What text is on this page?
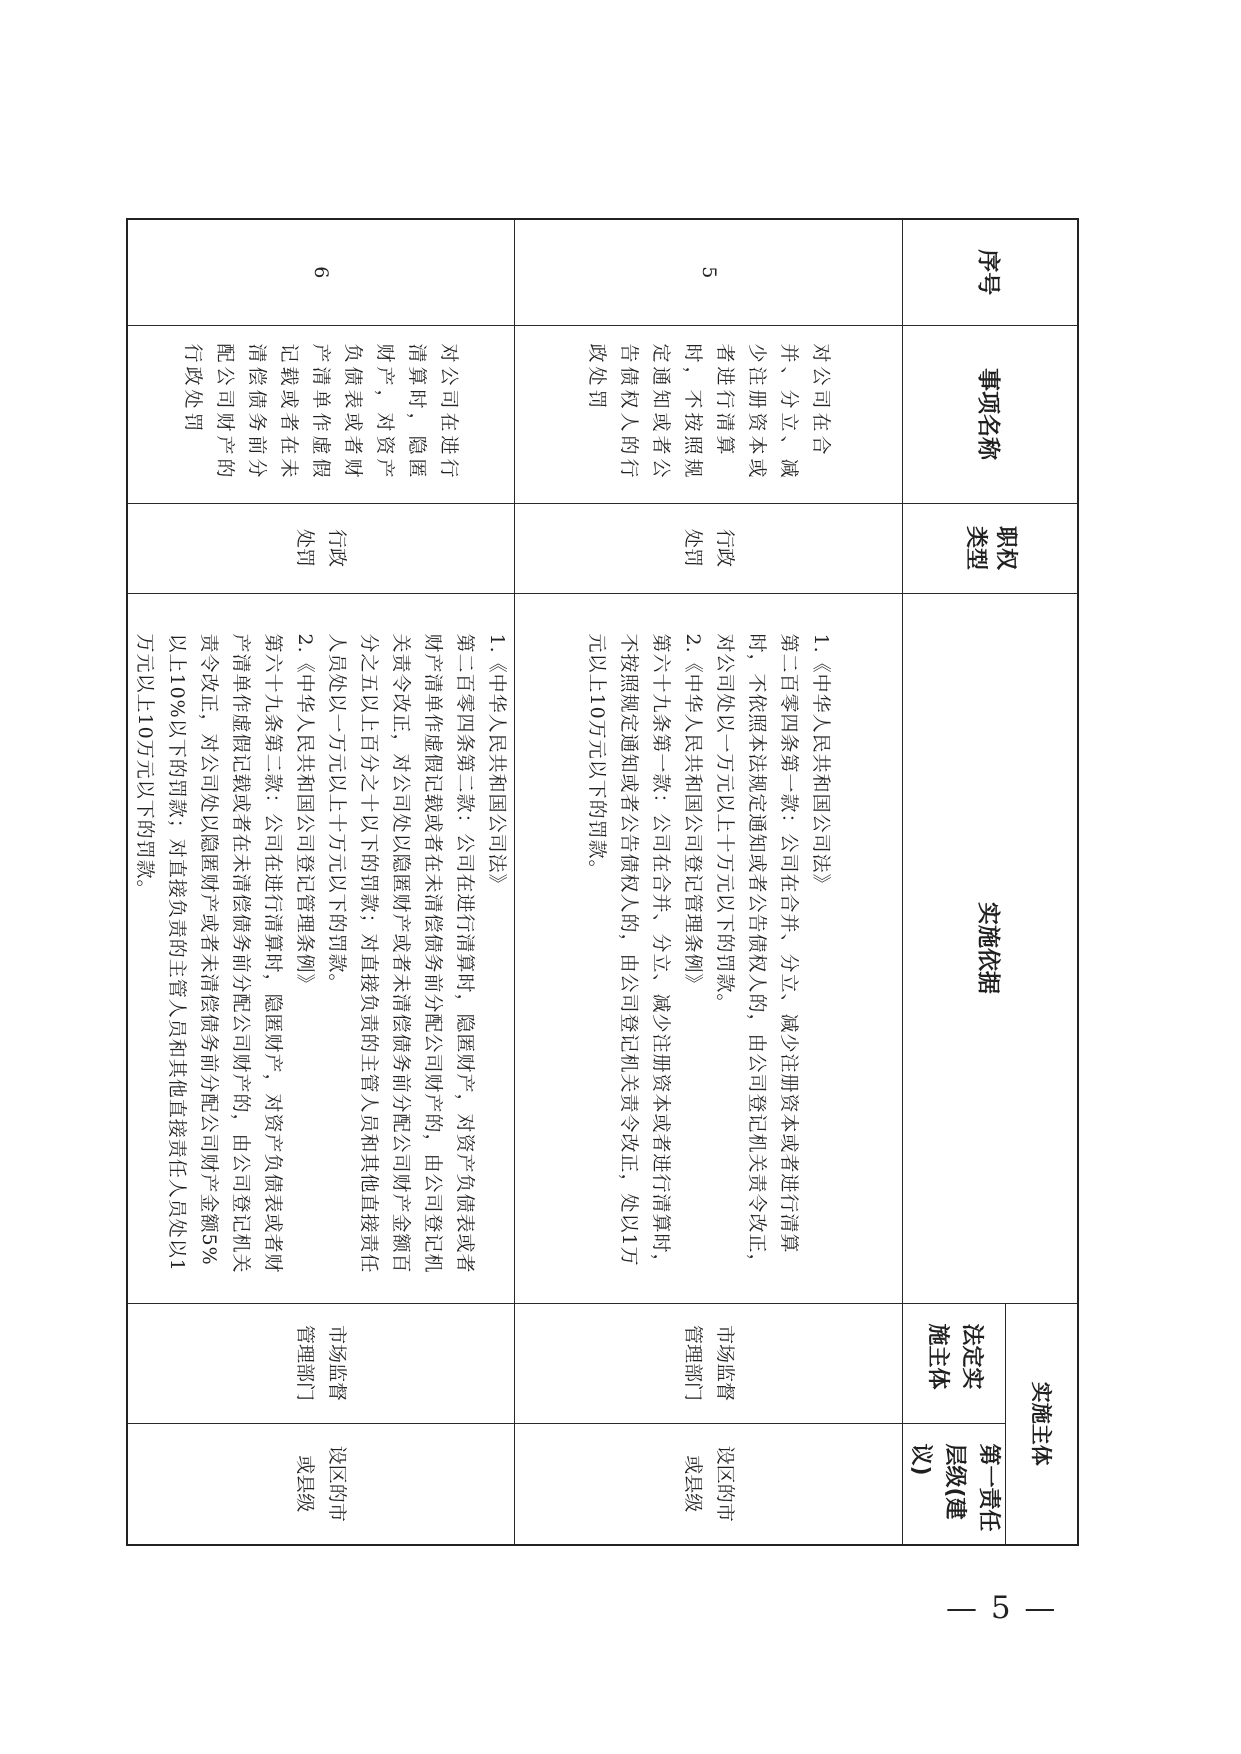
序号	事项名称	职权类型	实施依据	实施主体	
				法定实施主体	第一责任层级(建议)
5	对公司在合并、分立、减少注册资本或者进行清算时，不按照规定通知或者公告债权人的行政处罚	行政处罚	1.《中华人民共和国公司法》
第二百零四条第一款：公司在合并、分立、减少注册资本或者进行清算时，不依照本法规定通知或者公告债权人的，由公司登记机关责令改正，对公司处以一万元以上十万元以下的罚款。
2.《中华人民共和国公司登记管理条例》
第六十九条第一款：公司在合并、分立、减少注册资本或者进行清算时，不按照规定通知或者公告债权人的，由公司登记机关责令改正，处以1万元以上10万元以下的罚款。	市场监督管理部门	设区的市或县级
6	对公司在进行清算时，隐匿财产，对资产负债表或者财产清单作虚假记载或者在未清偿债务前分配公司财产的行政处罚	行政处罚	1.《中华人民共和国公司法》
第二百零四条第二款：公司在进行清算时，隐匿财产，对资产负债表或者财产清单作虚假记载或者在未清偿债务前分配公司财产的，由公司登记机关责令改正，对公司处以隐匿财产或者未清偿债务前分配公司财产金额百分之五以上百分之十以下的罚款；对直接负责的主管人员和其他直接责任人员处以一万元以上十万元以下的罚款。
2.《中华人民共和国公司登记管理条例》
第六十九条第二款：公司在进行清算时，隐匿财产，对资产负债表或者财产清单作虚假记载或者在未清偿债务前分配公司财产的，由公司登记机关责令改正，对公司处以隐匿财产或者未清偿债务前分配公司财产金额5%以上10%以下的罚款；对直接负责的主管人员和其他直接责任人员处以1万元以上10万元以下的罚款。	市场监督管理部门	设区的市或县级
— 5 —
